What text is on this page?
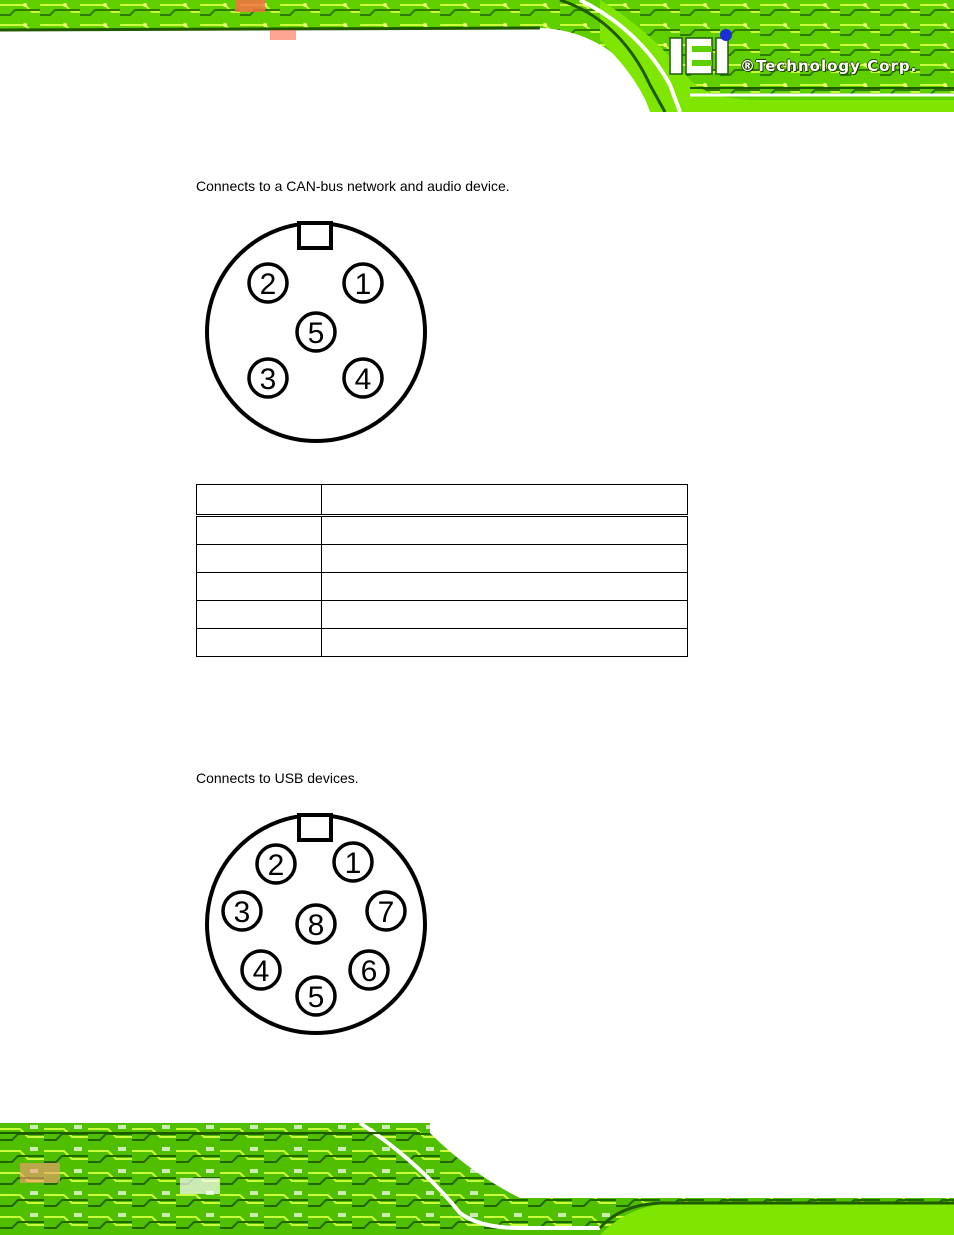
®Technology Corp.
Connects to a CAN-bus network and audio device.
1
2
3	4
5

Connects to USB devices.
1
2
3
4
5
6
7
8
